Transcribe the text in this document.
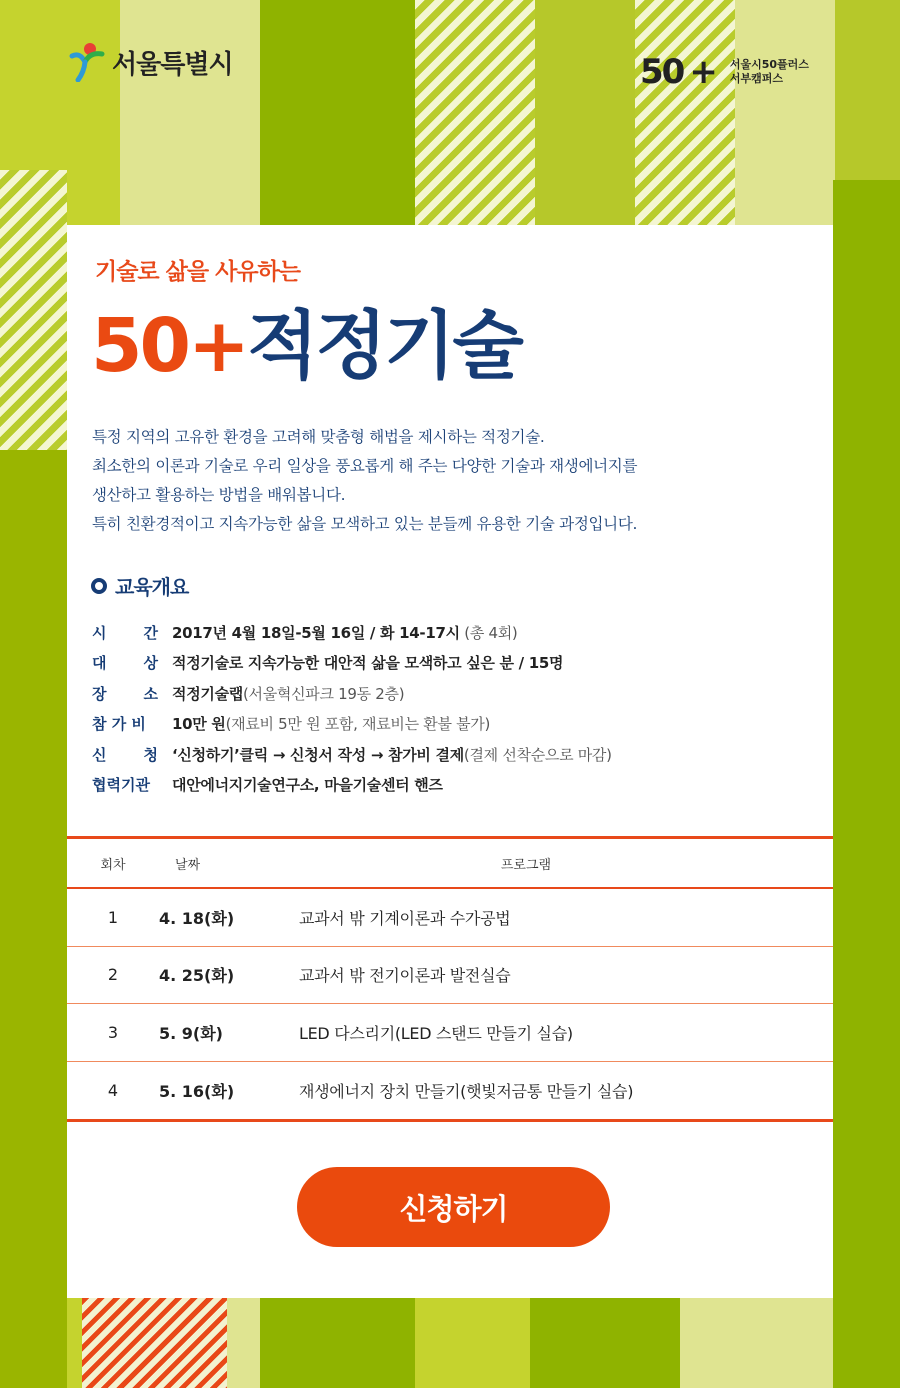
서울특별시	50 + 서울시50플러스
서부캠퍼스
기술로 삶을 사유하는
50+적정기술

특정 지역의 고유한 환경을 고려해 맞춤형 해법을 제시하는 적정기술.

최소한의 이론과 기술로 우리 일상을 풍요롭게 해 주는 다양한 기술과 재생에너지를

생산하고 활용하는 방법을 배워봅니다.

특히 친환경적이고 지속가능한 삶을 모색하고 있는 분들께 유용한 기술 과정입니다.

교육개요
시 간 2017년 4월 18일-5월 16일 / 화 14-17시 (총 4회)
대 상 적정기술로 지속가능한 대안적 삶을 모색하고 싶은 분 / 15명
장 소 적정기술랩(서울혁신파크 19동 2층)
참 가 비	10만 원(재료비 5만 원 포함, 재료비는 환불 불가)
신 청 ‘신청하기’클릭 → 신청서 작성 → 참가비 결제(결제 선착순으로 마감)
협력기관	대안에너지기술연구소, 마을기술센터 핸즈
회차	날짜	프로그램
1	4. 18(화)	교과서 밖 기계이론과 수가공법
2	4. 25(화)	교과서 밖 전기이론과 발전실습
3	5. 9(화)	LED 다스리기(LED 스탠드 만들기 실습)
4	5. 16(화)	재생에너지 장치 만들기(햇빛저금통 만들기 실습)
신청하기
